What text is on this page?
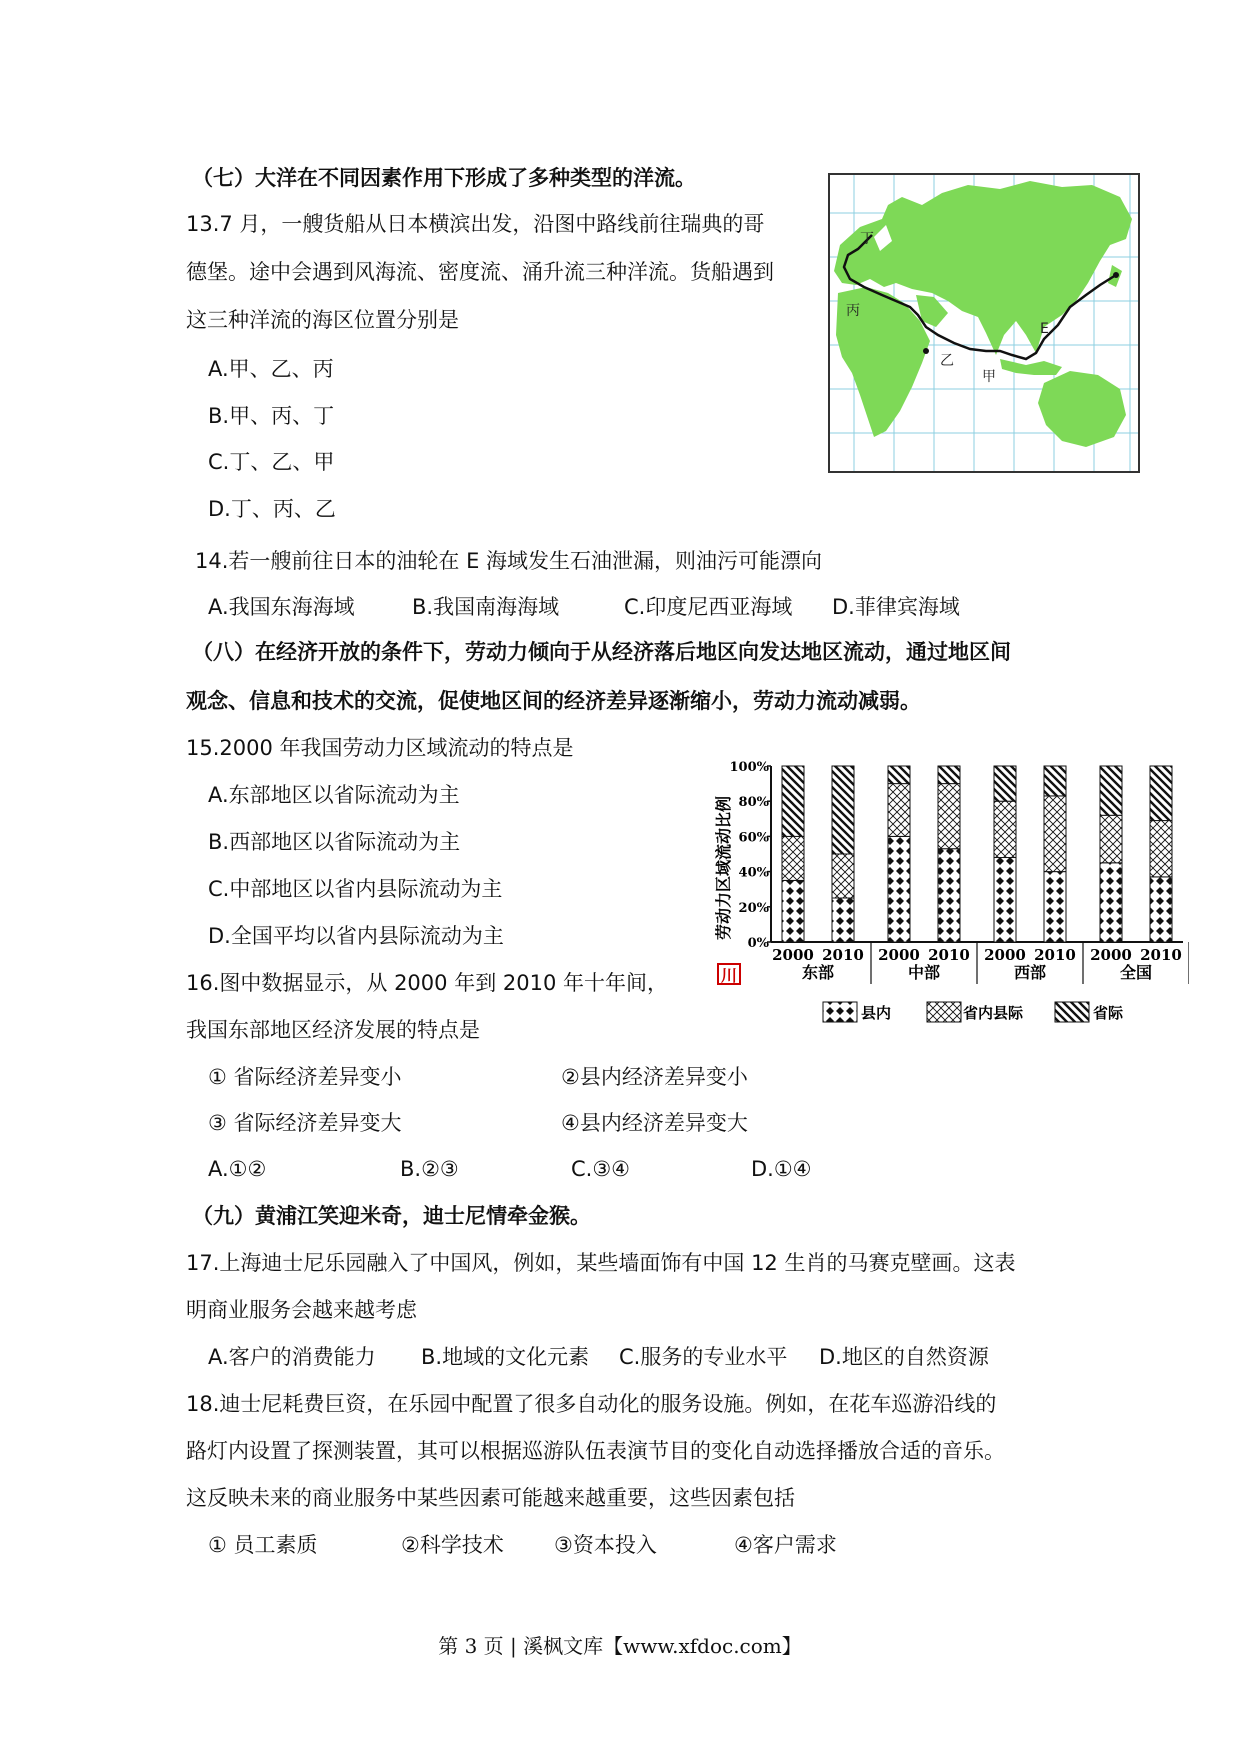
（七）大洋在不同因素作用下形成了多种类型的洋流。
13.7 月，一艘货船从日本横滨出发，沿图中路线前往瑞典的哥
德堡。途中会遇到风海流、密度流、涌升流三种洋流。货船遇到
这三种洋流的海区位置分别是
A.甲、乙、丙
B.甲、丙、丁
C.丁、乙、甲
D.丁、丙、乙
丁
丙
乙
甲
E
14.若一艘前往日本的油轮在 E 海域发生石油泄漏，则油污可能漂向
A.我国东海海域	B.我国南海海域	C.印度尼西亚海域 D.菲律宾海域
（八）在经济开放的条件下，劳动力倾向于从经济落后地区向发达地区流动，通过地区间
观念、信息和技术的交流，促使地区间的经济差异逐渐缩小，劳动力流动减弱。
15.2000 年我国劳动力区域流动的特点是
A.东部地区以省际流动为主
B.西部地区以省际流动为主
C.中部地区以省内县际流动为主
D.全国平均以省内县际流动为主
16.图中数据显示，从 2000 年到 2010 年十年间，
我国东部地区经济发展的特点是
劳动力区域流动比例
100%
80%
60%
40%
20%
0%
2000 2010 2000 2010 2000 2010 2000 2010
东部	中部	西部	全国
川
县内	省内县际	省际
① 省际经济差异变小	②县内经济差异变小
③ 省际经济差异变大	④县内经济差异变大
A.①②	B.②③	C.③④	D.①④
（九）黄浦江笑迎米奇，迪士尼情牵金猴。
17.上海迪士尼乐园融入了中国风，例如，某些墙面饰有中国 12 生肖的马赛克壁画。这表
明商业服务会越来越考虑
A.客户的消费能力 B.地域的文化元素 C.服务的专业水平 D.地区的自然资源
18.迪士尼耗费巨资，在乐园中配置了很多自动化的服务设施。例如，在花车巡游沿线的
路灯内设置了探测装置，其可以根据巡游队伍表演节目的变化自动选择播放合适的音乐。
这反映未来的商业服务中某些因素可能越来越重要，这些因素包括
① 员工素质	②科学技术 ③资本投入	④客户需求
第 3 页 | 溪枫文库【www.xfdoc.com】
